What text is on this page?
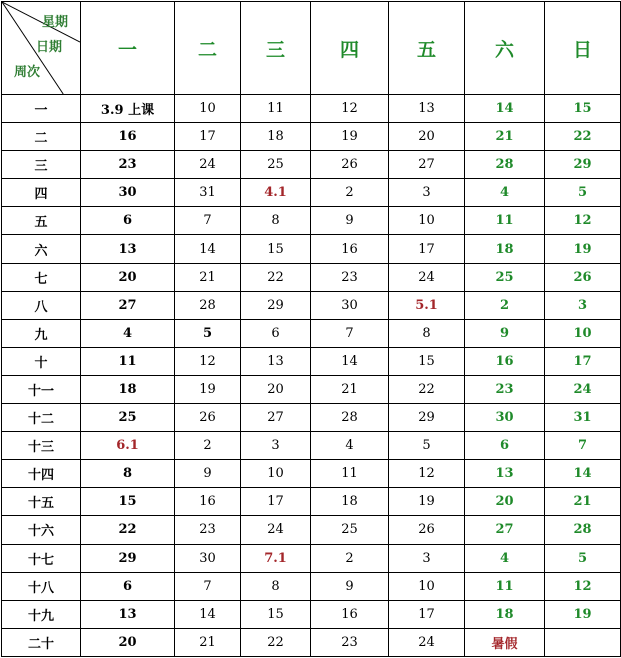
星期
日期
周次	一	二	三	四	五	六	日
一	3.9 上课	10	11	12	13	14	15
二	16	17	18	19	20	21	22
三	23	24	25	26	27	28	29
四	30	31	4.1	2	3	4	5
五	6	7	8	9	10	11	12
六	13	14	15	16	17	18	19
七	20	21	22	23	24	25	26
八	27	28	29	30	5.1	2	3
九	4	5	6	7	8	9	10
十	11	12	13	14	15	16	17
十一	18	19	20	21	22	23	24
十二	25	26	27	28	29	30	31
十三	6.1	2	3	4	5	6	7
十四	8	9	10	11	12	13	14
十五	15	16	17	18	19	20	21
十六	22	23	24	25	26	27	28
十七	29	30	7.1	2	3	4	5
十八	6	7	8	9	10	11	12
十九	13	14	15	16	17	18	19
二十	20	21	22	23	24	暑假	
